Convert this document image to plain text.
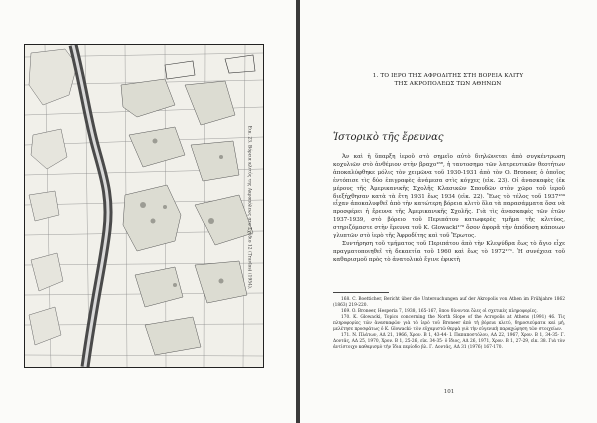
Εικ. 23. Βόρεια κλιτύς της Ακροπόλεως στο Σχέδιο 12 (Travlos) (1954).
1. ΤΟ ΙΕΡΟ ΤΗΣ ΑΦΡΟΔΙΤΗΣ ΣΤΗ ΒΟΡΕΙΑ ΚΛΙΤΥ
ΤΗΣ ΑΚΡΟΠΟΛΕΩΣ ΤΩΝ ΑΘΗΝΩΝ
Ἱστορικὸ τῆς ἔρευνας

Ἀν καὶ ἡ ὕπαρξη ἱεροῦ στὸ σημεῖο αὐτὸ διηλῶνεται ἀπὸ συγκέντρωση κοχυλιῶν στὸ ἀνθέμιον στὴν βραχο¹⁶⁸, ἡ ταυτοσημο τῶν λατρευτικῶν θεοτήτων ἀποκαλύφθηκε μόλις τὸν χειμῶνα τοῦ 1930-1931 ἀπὸ τὸν O. Broneer, ὁ ὁποῖος ἐντόπισε τὶς δύο ἐπιγραφὲς ἀνάμεσα στὶς κόγχες (εἰκ. 23). Οἱ ἀνασκαφὲς (ἐκ μέρους τῆς Ἀμερικανικῆς Σχολῆς Κλασικῶν Σπουδῶν στὸν χῶρο τοῦ ἱεροῦ διεξήχθησαν κατὰ τὰ ἔτη 1931 ἕως 1934 (εἰκ. 22). Ἕως τὸ τέλος τοῦ 1937¹⁶⁹ εἶχαν ἀποκαλυφθεῖ ἀπὸ τὴν κατώτερη βόρεια κλιτὺ ὅλα τὰ παρασάμματα ὅσα νὰ προσφέρει ἡ ἔρευνα τῆς Ἀμερικανικῆς Σχολῆς. Γιὰ τὶς ἀνασκαφὲς τῶν ἐτῶν 1937-1939, στὸ βόρειο τοῦ Περιπάτου κατωφερὲς τμῆμα τῆς κλιτύος, στηριζόμαστε στὴν ἔρευνα τοῦ K. Glowacki¹⁷⁰ ὅσον ἀφορᾶ τὴν ἀπόδοση κάποιων γλυπτῶν στὸ ἱερὸ τῆς Ἀφροδίτης καὶ τοῦ Ἔρωτος.

Συντήρηση τοῦ τμήματος τοῦ Περιπάτου ἀπὸ τὴν Κλεψύδρα ἕως τὸ ἄγιο εἶχε πραγματοποιηθεῖ τὴ δεκαετία τοῦ 1960 καὶ ἕως τὸ 1972¹⁷¹. Ἡ συνέχεια τοῦ καθαρισμοῦ πρὸς τὸ ἀνατολικὸ ἔγινε ἐφικτὴ

168. C. Boetticher, Bericht über die Untersuchungen auf der Akropolis von Athen im Frühjahre 1862 (1863) 219-220.
169. O. Broneer, Hesperia 7, 1938, 165-167, ὅπου δίνονται ὅλες οἱ σχετικὲς πληροφορίες.
170. K. Glowacki, Topics concerning the North Slope of the Acropolis at Athens (1991) 46. Τὶς πληροφορίες τῶν ἀνασκαφῶν γιὰ τὸ ἱερὸ τοῦ Broneer ἀπὸ τὴ βόρεια κλιτύ, δημοσιεύματα καὶ μή, μελέτησε προσφάτως ὁ K. Glowacki· τὸν εὐχαριστῶ θερμὰ γιὰ τὴν εὐγενικὴ παραχώρηση τῶν στοιχείων.
171. N. Πλάτων, ΑΔ 21, 1966, Χρον. Β 1, 43-44· I. Παπαποστόλου, ΑΔ 22, 1967, Χρον. Β 1, 34-35· Γ. Δοντᾶς, ΑΔ 25, 1970, Χρον. Β 1, 25-26, εἰκ. 34-35· ὁ ἴδιος, ΑΔ 26, 1971, Χρον. Β 1, 27-29, εἰκ. 38. Γιὰ τὸν ἀντίστοιχο καθαρισμὸ τὴν ἴδια περίοδο βλ. Γ. Δοντᾶς, ΑΔ 31 (1976) 167-170.
101
